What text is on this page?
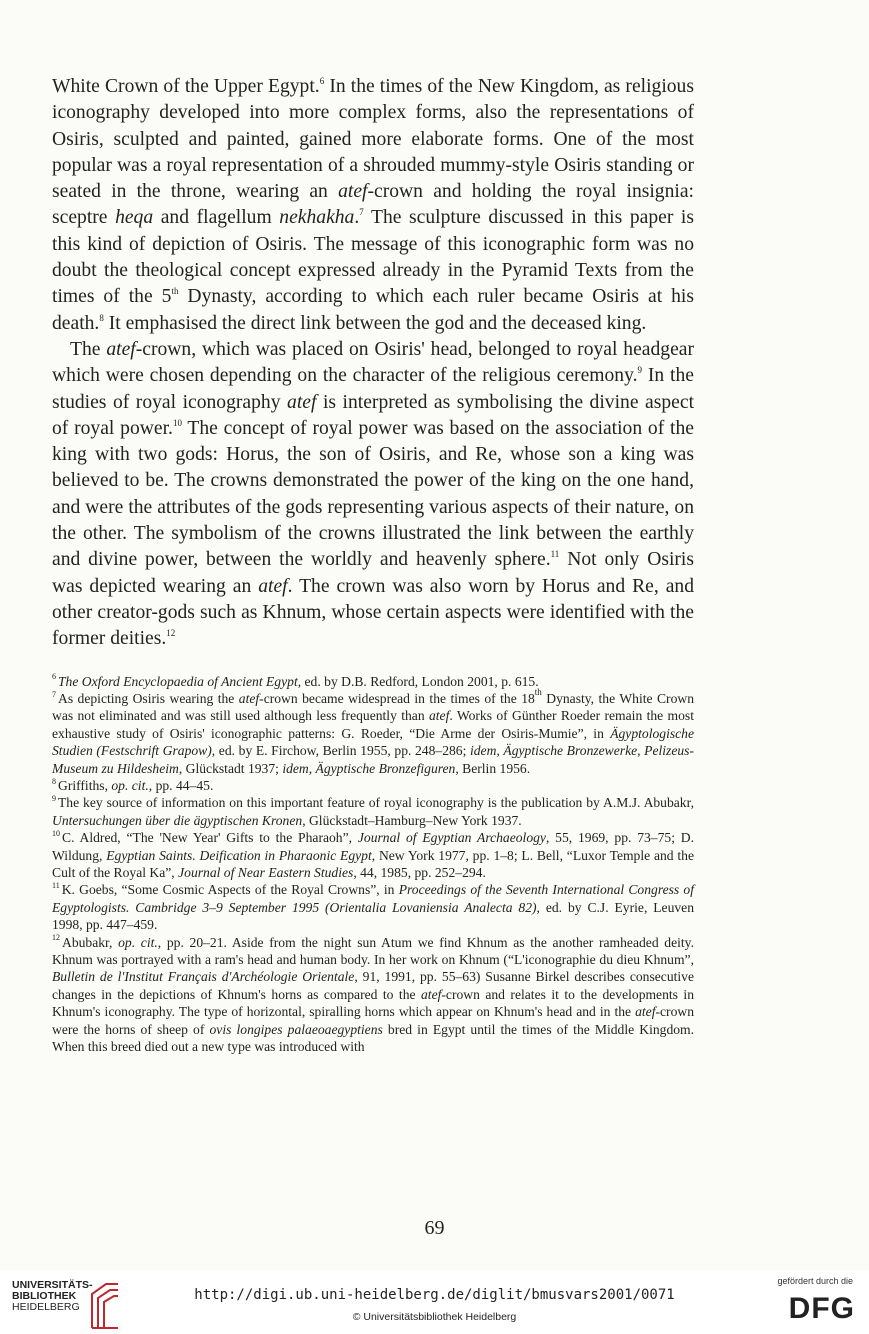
White Crown of the Upper Egypt.$^6$ In the times of the New Kingdom, as religious iconography developed into more complex forms, also the representations of Osiris, sculpted and painted, gained more elaborate forms. One of the most popular was a royal representation of a shrouded mummy-style Osiris standing or seated in the throne, wearing an atef-crown and holding the royal insignia: sceptre heqa and flagellum nekhakha.$^7$ The sculpture discussed in this paper is this kind of depiction of Osiris. The message of this iconographic form was no doubt the theological concept expressed already in the Pyramid Texts from the times of the 5th Dynasty, according to which each ruler became Osiris at his death.$^8$ It emphasised the direct link between the god and the deceased king.

The atef-crown, which was placed on Osiris' head, belonged to royal headgear which were chosen depending on the character of the religious ceremony.$^9$ In the studies of royal iconography atef is interpreted as symbolising the divine aspect of royal power.$^{10}$ The concept of royal power was based on the association of the king with two gods: Horus, the son of Osiris, and Re, whose son a king was believed to be. The crowns demonstrated the power of the king on the one hand, and were the attributes of the gods representing various aspects of their nature, on the other. The symbolism of the crowns illustrated the link between the earthly and divine power, between the worldly and heavenly sphere.$^{11}$ Not only Osiris was depicted wearing an atef. The crown was also worn by Horus and Re, and other creator-gods such as Khnum, whose certain aspects were identified with the former deities.$^{12}$

$^6$ The Oxford Encyclopaedia of Ancient Egypt, ed. by D.B. Redford, London 2001, p. 615.

$^7$ As depicting Osiris wearing the atef-crown became widespread in the times of the 18th Dynasty, the White Crown was not eliminated and was still used although less frequently than atef. Works of Günther Roeder remain the most exhaustive study of Osiris' iconographic patterns: G. Roeder, “Die Arme der Osiris-Mumie”, in Ägyptologische Studien (Festschrift Grapow), ed. by E. Firchow, Berlin 1955, pp. 248–286; idem, Ägyptische Bronzewerke, Pelizeus-Museum zu Hildesheim, Glückstadt 1937; idem, Ägyptische Bronzefiguren, Berlin 1956.

$^8$ Griffiths, op. cit., pp. 44–45.

$^9$ The key source of information on this important feature of royal iconography is the publication by A.M.J. Abubakr, Untersuchungen über die ägyptischen Kronen, Glückstadt–Hamburg–New York 1937.

$^{10}$ C. Aldred, “The 'New Year' Gifts to the Pharaoh”, Journal of Egyptian Archaeology, 55, 1969, pp. 73–75; D. Wildung, Egyptian Saints. Deification in Pharaonic Egypt, New York 1977, pp. 1–8; L. Bell, “Luxor Temple and the Cult of the Royal Ka”, Journal of Near Eastern Studies, 44, 1985, pp. 252–294.

$^{11}$ K. Goebs, “Some Cosmic Aspects of the Royal Crowns”, in Proceedings of the Seventh International Congress of Egyptologists. Cambridge 3–9 September 1995 (Orientalia Lovaniensia Analecta 82), ed. by C.J. Eyrie, Leuven 1998, pp. 447–459.

$^{12}$ Abubakr, op. cit., pp. 20–21. Aside from the night sun Atum we find Khnum as the another ramheaded deity. Khnum was portrayed with a ram's head and human body. In her work on Khnum (“L'iconographie du dieu Khnum”, Bulletin de l'Institut Français d'Archéologie Orientale, 91, 1991, pp. 55–63) Susanne Birkel describes consecutive changes in the depictions of Khnum's horns as compared to the atef-crown and relates it to the developments in Khnum's iconography. The type of horizontal, spiralling horns which appear on Khnum's head and in the atef-crown were the horns of sheep of ovis longipes palaeoaegyptiens bred in Egypt until the times of the Middle Kingdom. When this breed died out a new type was introduced with

69
UNIVERSITÄTS-
BIBLIOTHEK
HEIDELBERG
http://digi.ub.uni-heidelberg.de/diglit/bmusvars2001/0071
© Universitätsbibliothek Heidelberg
gefördert durch die
DFG
